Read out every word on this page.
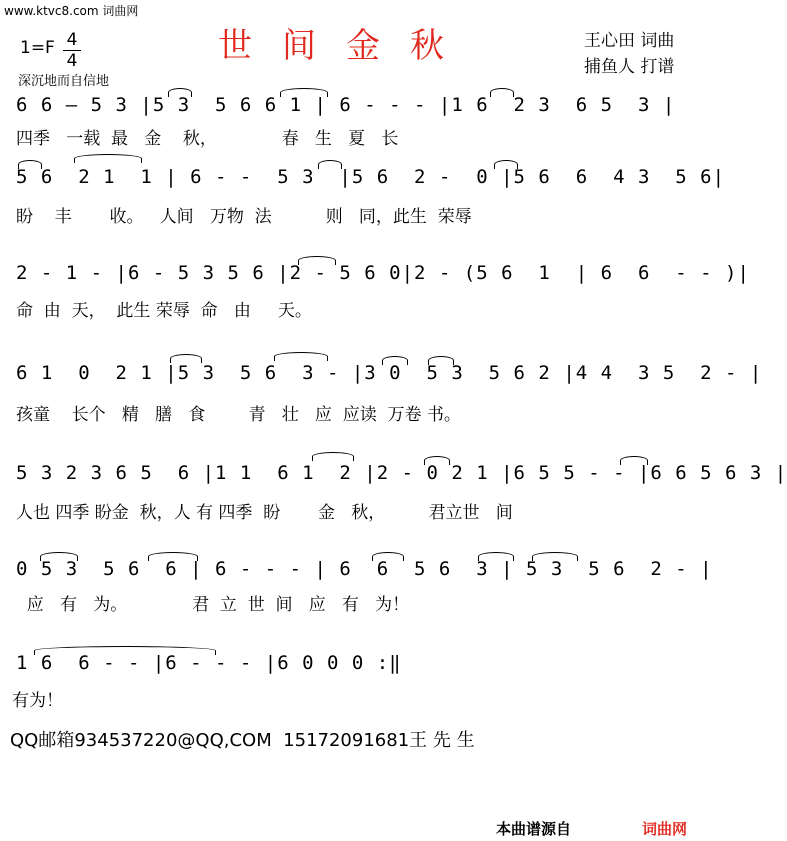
www.ktvc8.com 词曲网
世间金秋
1=F 4
4
深沉地而自信地
王心田 词曲
捕鱼人 打谱
6 6 – 5 3 |5 3  5 6 6 1 | 6 - - - |1 6  2 3  6 5  3 |
四季   一载  最   金    秋，            春   生   夏   长
5 6  2 1  1 | 6 - -  5 3  |5 6  2 -  0 |5 6  6  4 3  5 6|
盼    丰       收。   人间   万物  法          则   同，此生  荣辱
2 - 1 - |6 - 5 3 5 6 |2 - 5 6 0|2 - (5 6  1  | 6  6  - - )|
命  由  天，  此生 荣辱  命   由     天。
6 1  0  2 1 |5 3  5 6  3 - |3 0  5 3  5 6 2 |4 4  3 5  2 - |
孩童    长个   精   膳   食        青   壮   应  应读  万卷 书。
5 3 2 3 6 5  6 |1 1  6 1  2 |2 - 0 2 1 |6 5 5 - - |6 6 5 6 3 |
人也 四季 盼金  秋，人 有 四季  盼       金   秋，        君立世   间
0 5 3  5 6  6 | 6 - - - | 6  6  5 6  3 | 5 3  5 6  2 - |
应   有   为。            君  立  世  间   应   有   为！
1 6  6 - - |6 - - - |6 0 0 0 :‖
有为！
QQ邮箱934537220@QQ,COM  15172091681王 先 生
本曲谱源自	词曲网
